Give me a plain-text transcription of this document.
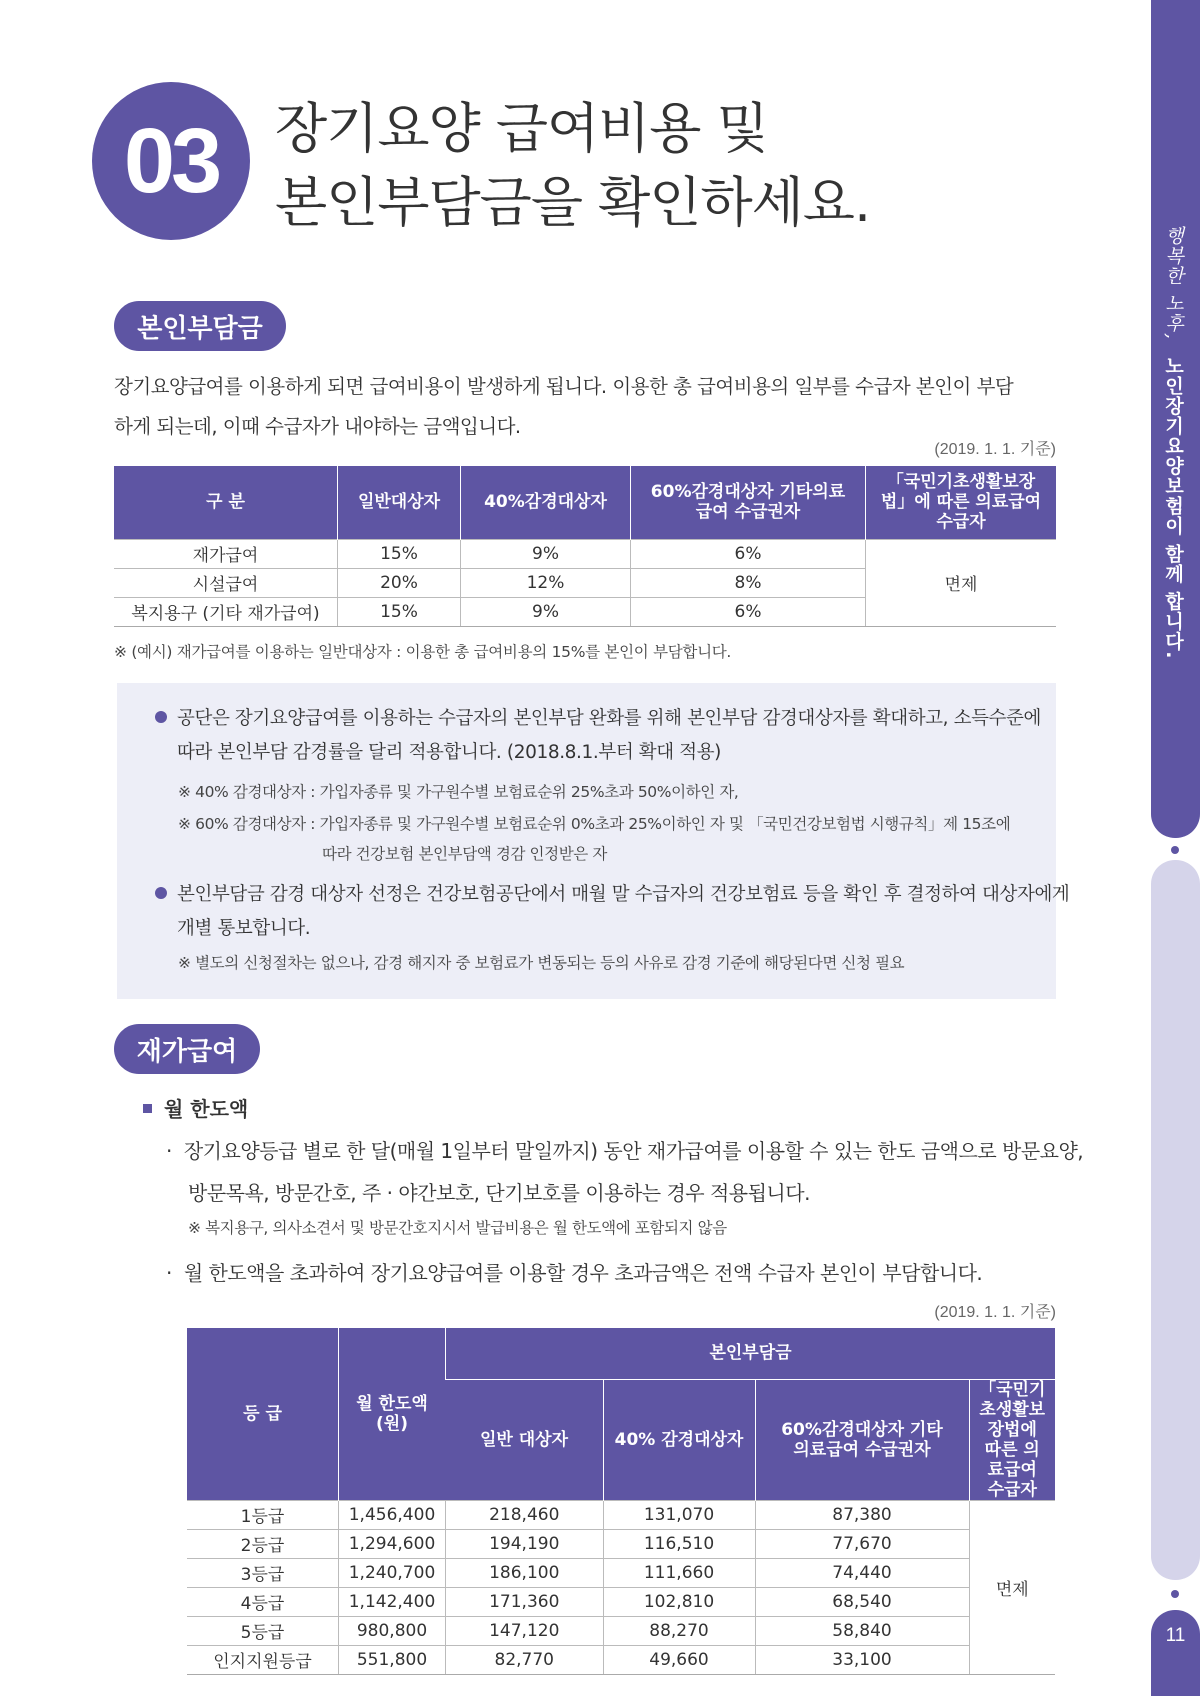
03	장기요양 급여비용 및
본인부담금을 확인하세요.
본인부담금
장기요양급여를 이용하게 되면 급여비용이 발생하게 됩니다. 이용한 총 급여비용의 일부를 수급자 본인이 부담
하게 되는데, 이때 수급자가 내야하는 금액입니다.
(2019. 1. 1. 기준)
구 분	일반대상자	40%감경대상자	60%감경대상자 기타의료급여 수급권자	「국민기초생활보장법」에 따른 의료급여 수급자
재가급여	15%	9%	6%	면제
시설급여	20%	12%	8%	
복지용구 (기타 재가급여)	15%	9%	6%	
※ (예시) 재가급여를 이용하는 일반대상자 : 이용한 총 급여비용의 15%를 본인이 부담합니다.
공단은 장기요양급여를 이용하는 수급자의 본인부담 완화를 위해 본인부담 감경대상자를 확대하고, 소득수준에
따라 본인부담 감경률을 달리 적용합니다. (2018.8.1.부터 확대 적용)
※ 40% 감경대상자 : 가입자종류 및 가구원수별 보험료순위 25%초과 50%이하인 자,
※ 60% 감경대상자 : 가입자종류 및 가구원수별 보험료순위 0%초과 25%이하인 자 및 「국민건강보험법 시행규칙」제 15조에
따라 건강보험 본인부담액 경감 인정받은 자
본인부담금 감경 대상자 선정은 건강보험공단에서 매월 말 수급자의 건강보험료 등을 확인 후 결정하여 대상자에게
개별 통보합니다.
※ 별도의 신청절차는 없으나, 감경 해지자 중 보험료가 변동되는 등의 사유로 감경 기준에 해당된다면 신청 필요
재가급여
월 한도액
· 장기요양등급 별로 한 달(매월 1일부터 말일까지) 동안 재가급여를 이용할 수 있는 한도 금액으로 방문요양,
방문목욕, 방문간호, 주 · 야간보호, 단기보호를 이용하는 경우 적용됩니다.
※ 복지용구, 의사소견서 및 방문간호지시서 발급비용은 월 한도액에 포함되지 않음
· 월 한도액을 초과하여 장기요양급여를 이용할 경우 초과금액은 전액 수급자 본인이 부담합니다.
(2019. 1. 1. 기준)
등 급	월 한도액 (원)	본인부담금			
		일반 대상자	40% 감경대상자	60%감경대상자 기타의료급여 수급권자	「국민기초생활보장법에 따른 의료급여 수급자
1등급	1,456,400	218,460	131,070	87,380	면제
2등급	1,294,600	194,190	116,510	77,670	
3등급	1,240,700	186,100	111,660	74,440	
4등급	1,142,400	171,360	102,810	68,540	
5등급	980,800	147,120	88,270	58,840	
인지지원등급	551,800	82,770	49,660	33,100	
행복한 노후, 노인장기요양보험이 함께 합니다.
11
